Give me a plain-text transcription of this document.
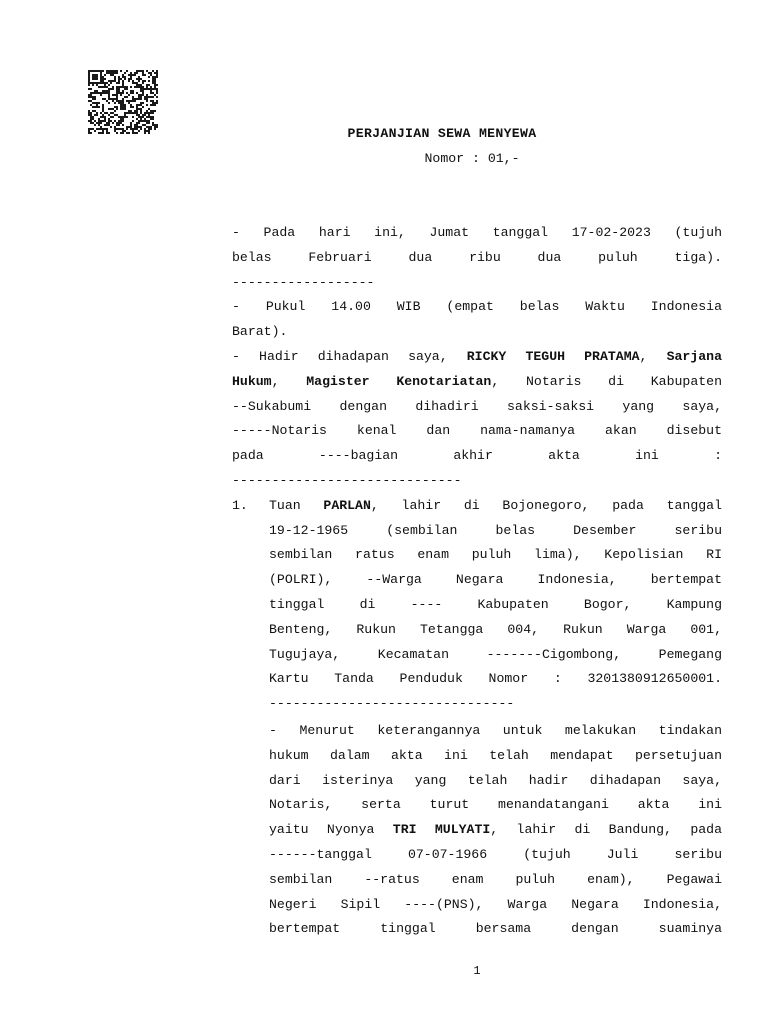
PERJANJIAN SEWA MENYEWA
Nomor : 01,-
- Pada hari ini, Jumat tanggal 17-02-2023 (tujuh
belas Februari dua ribu dua puluh tiga).
------------------
- Pukul 14.00 WIB (empat belas Waktu Indonesia
Barat).
- Hadir dihadapan saya, RICKY TEGUH PRATAMA, Sarjana
Hukum, Magister Kenotariatan, Notaris di Kabupaten
--Sukabumi dengan dihadiri saksi-saksi yang saya,
-----Notaris kenal dan nama-namanya akan disebut
pada ----bagian akhir akta ini :
-----------------------------
1.	Tuan PARLAN, lahir di Bojonegoro, pada tanggal
19-12-1965 (sembilan belas Desember seribu
sembilan ratus enam puluh lima), Kepolisian RI
(POLRI), --Warga Negara Indonesia, bertempat
tinggal di ---- Kabupaten Bogor, Kampung
Benteng, Rukun Tetangga 004, Rukun Warga 001,
Tugujaya, Kecamatan -------Cigombong, Pemegang
Kartu Tanda Penduduk Nomor : 3201380912650001.
-------------------------------
- Menurut keterangannya untuk melakukan tindakan
hukum dalam akta ini telah mendapat persetujuan
dari isterinya yang telah hadir dihadapan saya,
Notaris, serta turut menandatangani akta ini
yaitu Nyonya TRI MULYATI, lahir di Bandung, pada
------tanggal 07-07-1966 (tujuh Juli seribu
sembilan --ratus enam puluh enam), Pegawai
Negeri Sipil ----(PNS), Warga Negara Indonesia,
bertempat tinggal bersama dengan suaminya
1
